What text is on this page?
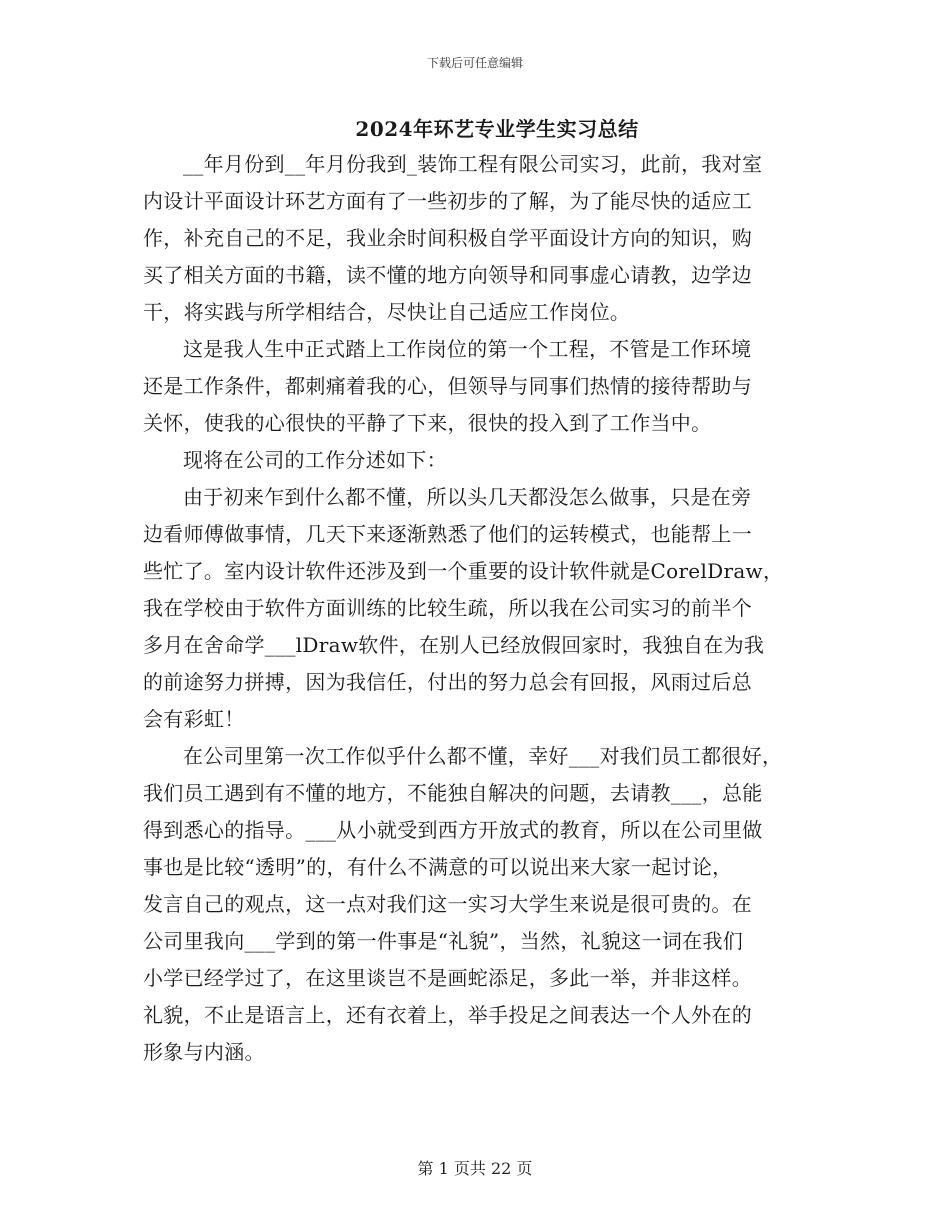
下载后可任意编辑
2024年环艺专业学生实习总结

__年月份到__年月份我到_装饰工程有限公司实习，此前，我对室
内设计平面设计环艺方面有了一些初步的了解，为了能尽快的适应工
作，补充自己的不足，我业余时间积极自学平面设计方向的知识，购
买了相关方面的书籍，读不懂的地方向领导和同事虚心请教，边学边
干，将实践与所学相结合，尽快让自己适应工作岗位。

这是我人生中正式踏上工作岗位的第一个工程，不管是工作环境
还是工作条件，都刺痛着我的心，但领导与同事们热情的接待帮助与
关怀，使我的心很快的平静了下来，很快的投入到了工作当中。

现将在公司的工作分述如下：

由于初来乍到什么都不懂，所以头几天都没怎么做事，只是在旁
边看师傅做事情，几天下来逐渐熟悉了他们的运转模式，也能帮上一
些忙了。室内设计软件还涉及到一个重要的设计软件就是CorelDraw，
我在学校由于软件方面训练的比较生疏，所以我在公司实习的前半个
多月在舍命学___lDraw软件，在别人已经放假回家时，我独自在为我
的前途努力拼搏，因为我信任，付出的努力总会有回报，风雨过后总
会有彩虹！

在公司里第一次工作似乎什么都不懂，幸好___对我们员工都很好，
我们员工遇到有不懂的地方，不能独自解决的问题，去请教___，总能
得到悉心的指导。___从小就受到西方开放式的教育，所以在公司里做
事也是比较“透明”的，有什么不满意的可以说出来大家一起讨论，
发言自己的观点，这一点对我们这一实习大学生来说是很可贵的。在
公司里我向___学到的第一件事是“礼貌”，当然，礼貌这一词在我们
小学已经学过了，在这里谈岂不是画蛇添足，多此一举，并非这样。
礼貌，不止是语言上，还有衣着上，举手投足之间表达一个人外在的
形象与内涵。

第 1 页共 22 页
